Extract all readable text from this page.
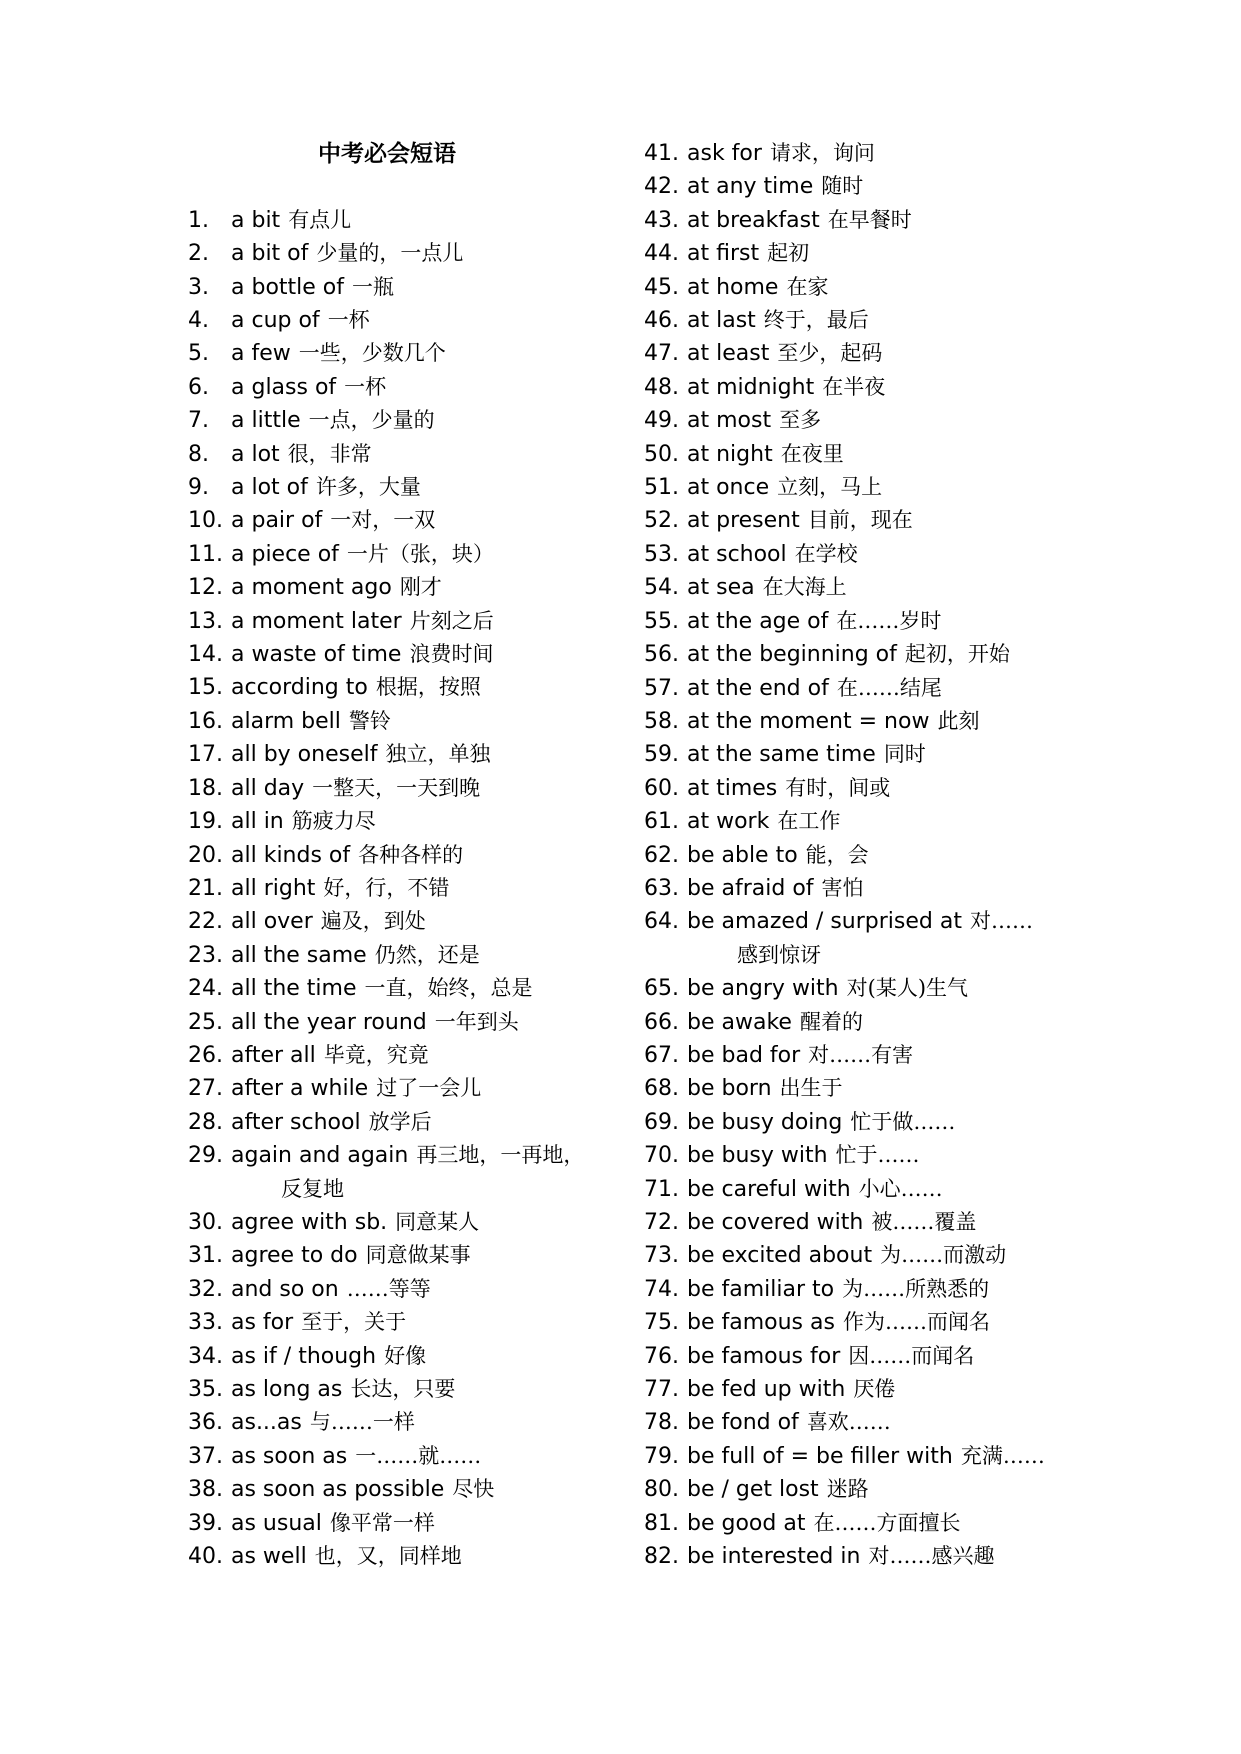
中考必会短语
1.	a bit 有点儿
2.	a bit of 少量的，一点儿
3.	a bottle of 一瓶
4.	a cup of 一杯
5.	a few 一些，少数几个
6.	a glass of 一杯
7.	a little 一点，少量的
8.	a lot 很，非常
9.	a lot of 许多，大量
10. a pair of 一对，一双
11. a piece of 一片（张，块）
12. a moment ago 刚才
13. a moment later 片刻之后
14. a waste of time 浪费时间
15. according to 根据，按照
16. alarm bell 警铃
17. all by oneself 独立，单独
18. all day 一整天，一天到晚
19. all in 筋疲力尽
20. all kinds of 各种各样的
21. all right 好，行，不错
22. all over 遍及，到处
23. all the same 仍然，还是
24. all the time 一直，始终，总是
25. all the year round 一年到头
26. after all 毕竟，究竟
27. after a while 过了一会儿
28. after school 放学后
29. again and again 再三地，一再地，
反复地
30. agree with sb. 同意某人
31. agree to do 同意做某事
32. and so on ……等等
33. as for 至于，关于
34. as if / though 好像
35. as long as 长达，只要
36. as...as 与……一样
37. as soon as 一……就……
38. as soon as possible 尽快
39. as usual 像平常一样
40. as well 也，又，同样地
41. ask for 请求，询问
42. at any time 随时
43. at breakfast 在早餐时
44. at first 起初
45. at home 在家
46. at last 终于，最后
47. at least 至少，起码
48. at midnight 在半夜
49. at most 至多
50. at night 在夜里
51. at once 立刻，马上
52. at present 目前，现在
53. at school 在学校
54. at sea 在大海上
55. at the age of 在……岁时
56. at the beginning of 起初，开始
57. at the end of 在……结尾
58. at the moment = now 此刻
59. at the same time 同时
60. at times 有时，间或
61. at work 在工作
62. be able to 能，会
63. be afraid of 害怕
64. be amazed / surprised at 对……
感到惊讶
65. be angry with 对(某人)生气
66. be awake 醒着的
67. be bad for 对……有害
68. be born 出生于
69. be busy doing 忙于做……
70. be busy with 忙于……
71. be careful with 小心……
72. be covered with 被……覆盖
73. be excited about 为……而激动
74. be familiar to 为……所熟悉的
75. be famous as 作为……而闻名
76. be famous for 因……而闻名
77. be fed up with 厌倦
78. be fond of 喜欢……
79. be full of = be filler with 充满……
80. be / get lost 迷路
81. be good at 在……方面擅长
82. be interested in 对……感兴趣
